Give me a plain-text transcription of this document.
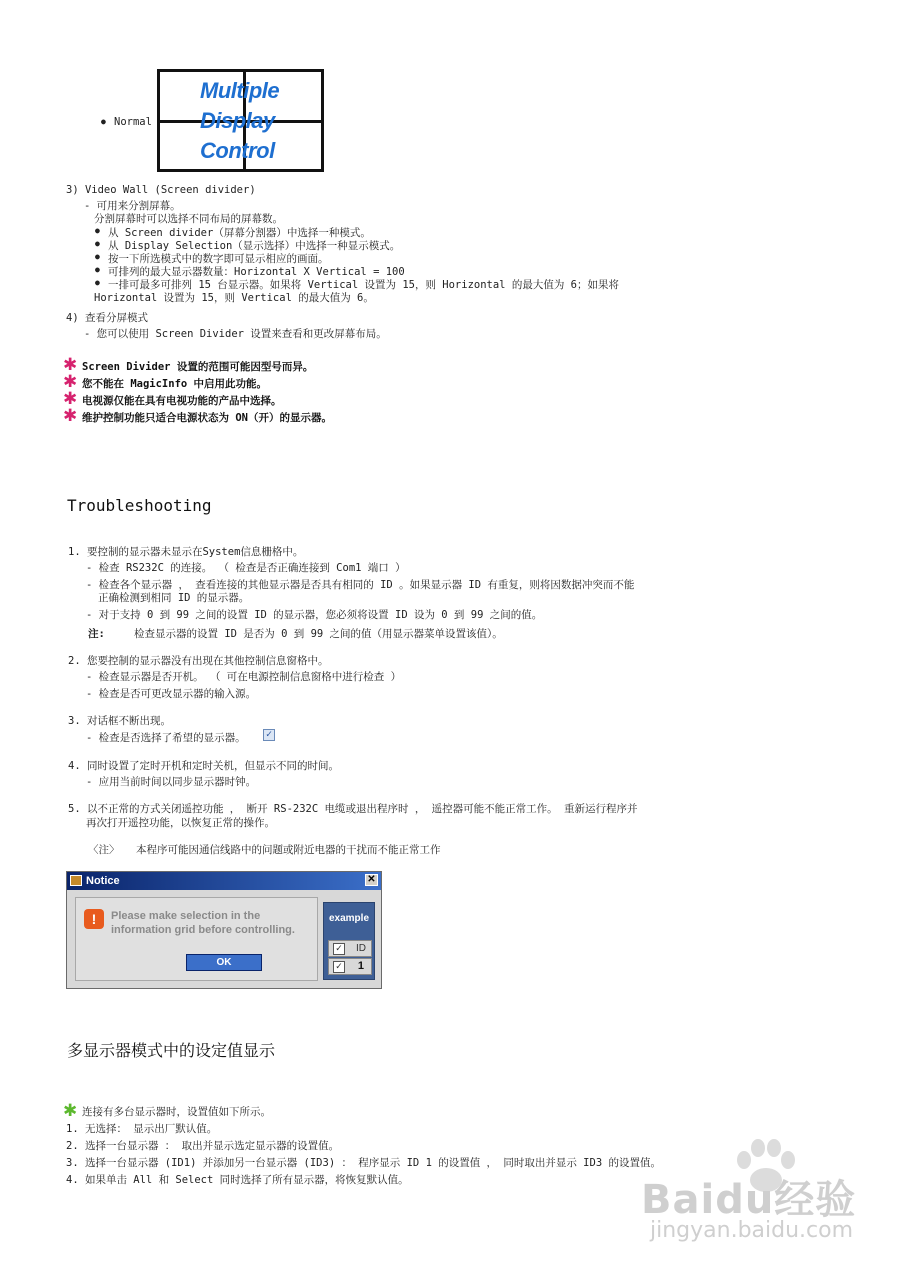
● Normal
Multiple
Display
Control
3) Video Wall (Screen divider)
- 可用来分割屏幕。
分割屏幕时可以选择不同布局的屏幕数。
● 从 Screen divider（屏幕分割器）中选择一种模式。
● 从 Display Selection（显示选择）中选择一种显示模式。
● 按一下所选模式中的数字即可显示相应的画面。
● 可排列的最大显示器数量：Horizontal X Vertical = 100
● 一排可最多可排列 15 台显示器。如果将 Vertical 设置为 15，则 Horizontal 的最大值为 6；如果将
Horizontal 设置为 15，则 Vertical 的最大值为 6。
4) 查看分屏模式
- 您可以使用 Screen Divider 设置来查看和更改屏幕布局。
✱ Screen Divider 设置的范围可能因型号而异。
✱ 您不能在 MagicInfo 中启用此功能。
✱ 电视源仅能在具有电视功能的产品中选择。
✱ 维护控制功能只适合电源状态为 ON（开）的显示器。
Troubleshooting
1. 要控制的显示器未显示在System信息栅格中。
- 检查 RS232C 的连接。 （ 检查是否正确连接到 Com1 端口 ）
- 检查各个显示器 ， 查看连接的其他显示器是否具有相同的 ID 。如果显示器 ID 有重复，则将因数据冲突而不能
正确检测到相同 ID 的显示器。
- 对于支持 0 到 99 之间的设置 ID 的显示器，您必须将设置 ID 设为 0 到 99 之间的值。
注:	检查显示器的设置 ID 是否为 0 到 99 之间的值（用显示器菜单设置该值）。
2. 您要控制的显示器没有出现在其他控制信息窗格中。
- 检查显示器是否开机。 （ 可在电源控制信息窗格中进行检查 ）
- 检查是否可更改显示器的输入源。
3. 对话框不断出现。
- 检查是否选择了希望的显示器。 ✓
4. 同时设置了定时开机和定时关机，但显示不同的时间。
- 应用当前时间以同步显示器时钟。
5. 以不正常的方式关闭遥控功能 ， 断开 RS-232C 电缆或退出程序时 ， 遥控器可能不能正常工作。 重新运行程序并
再次打开遥控功能，以恢复正常的操作。
〈注〉 本程序可能因通信线路中的问题或附近电器的干扰而不能正常工作
Notice	✕
!	Please make selection in the information grid before controlling.
OK
example
✓ ID
✓ 1
多显示器模式中的设定值显示
✱ 连接有多台显示器时，设置值如下所示。
1. 无选择： 显示出厂默认值。
2. 选择一台显示器 ： 取出并显示选定显示器的设置值。
3. 选择一台显示器 (ID1) 并添加另一台显示器 (ID3) ： 程序显示 ID 1 的设置值 ， 同时取出并显示 ID3 的设置值。
4. 如果单击 All 和 Select 同时选择了所有显示器，将恢复默认值。	Baidu经验
jingyan.baidu.com
